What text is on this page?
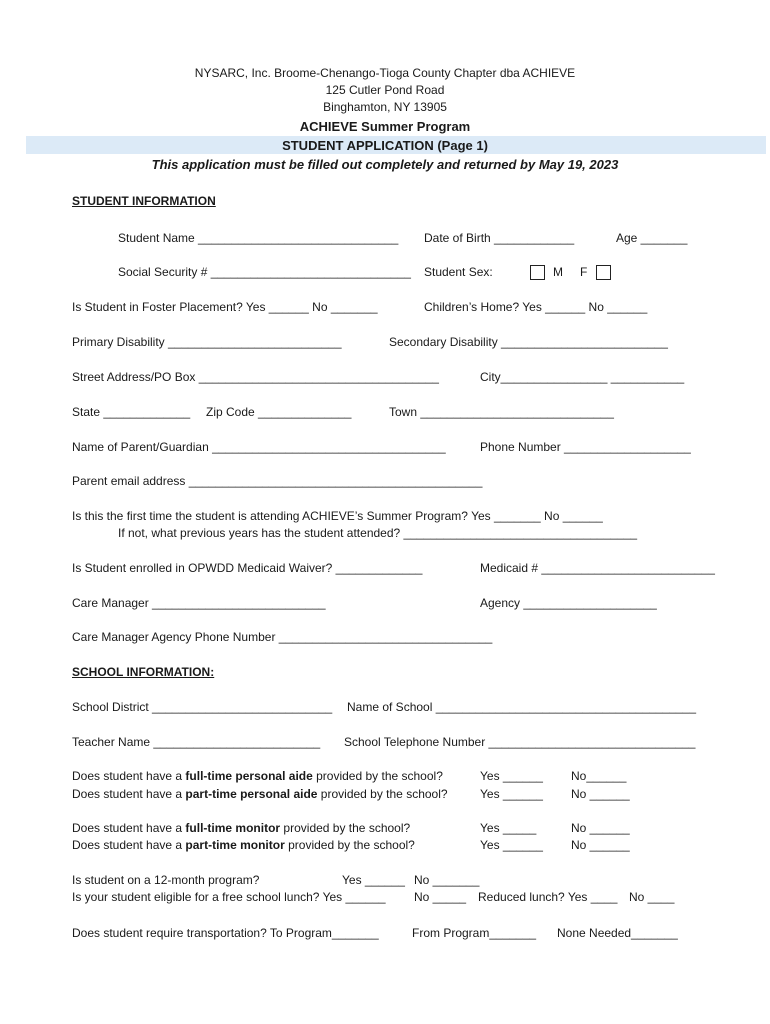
NYSARC, Inc. Broome-Chenango-Tioga County Chapter dba ACHIEVE
125 Cutler Pond Road
Binghamton, NY 13905
ACHIEVE Summer Program
STUDENT APPLICATION (Page 1)
This application must be filled out completely and returned by May 19, 2023
STUDENT INFORMATION
Student Name ______________________________ Date of Birth ____________	Age _______
Social Security # ______________________________ Student Sex:	M F
Is Student in Foster Placement? Yes ______ No _______	Children’s Home? Yes ______ No ______
Primary Disability __________________________	Secondary Disability _________________________
Street Address/PO Box ____________________________________	City________________ ___________
State _____________ Zip Code ______________	Town _____________________________
Name of Parent/Guardian ___________________________________	Phone Number ___________________
Parent email address ____________________________________________
Is this the first time the student is attending ACHIEVE’s Summer Program? Yes _______ No ______
If not, what previous years has the student attended? ___________________________________
Is Student enrolled in OPWDD Medicaid Waiver? _____________	Medicaid # __________________________
Care Manager __________________________	Agency ____________________
Care Manager Agency Phone Number ________________________________
SCHOOL INFORMATION:
School District ___________________________ Name of School _______________________________________
Teacher Name _________________________ School Telephone Number _______________________________
Does student have a full-time personal aide provided by the school?	Yes ______ No______
Does student have a part-time personal aide provided by the school?	Yes ______ No ______
Does student have a full-time monitor provided by the school?	Yes _____	No ______
Does student have a part-time monitor provided by the school?	Yes ______ No ______
Is student on a 12-month program?	Yes ______ No _______
Is your student eligible for a free school lunch? Yes ______ No _____ Reduced lunch? Yes ____ No ____
Does student require transportation? To Program_______	From Program_______ None Needed_______
